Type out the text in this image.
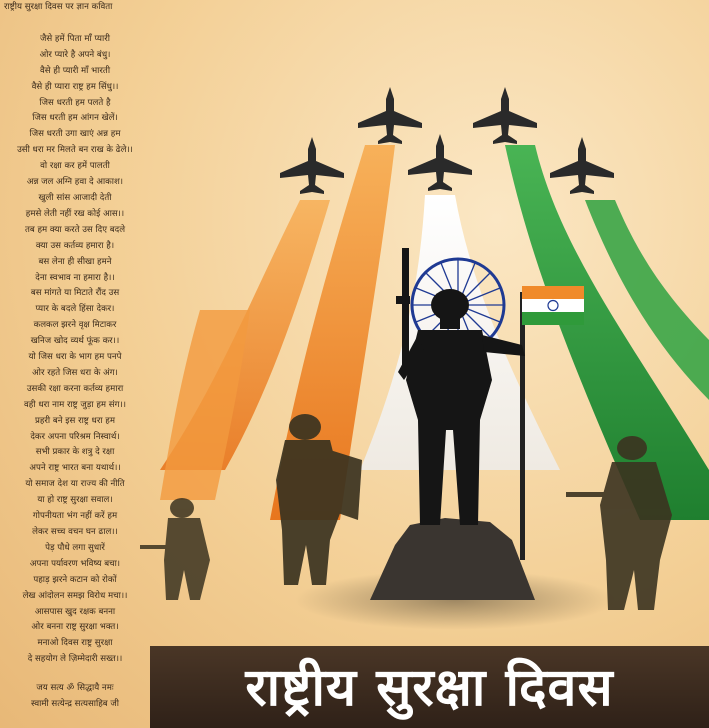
राष्ट्रीय सुरक्षा दिवस पर ज्ञान कविता
जैसे हमें पिता माँ प्यारी
ओर प्यारे है अपने बंधु।
वैसे ही प्यारी माँ भारती
वैसे ही प्यारा राष्ट्र हम सिंधु।।
जिस धरती हम पलते है
जिस धरती हम आंगन खेलें।
जिस धरती उगा खाएं अन्न हम
उसी धरा मर मिलते बन राख के ढेले।।
वो रक्षा कर हमें पालती
अन्न जल अग्नि हवा दे आकाश।
खुली सांस आजादी देती
हमसे लेती नहीं रख कोई आस।।
तब हम क्या करते उस दिए बदले
क्या उस कर्तव्य हमारा है।
बस लेना ही सीखा हमने
देना स्वभाव ना हमारा है।।
बस मांगते या मिटाते रौंद उस
प्यार के बदले हिंसा देकर।
कलकल झरने वृक्ष मिटाकर
खनिज खोद व्यर्थ फूंक कर।।
यो जिस धरा के भाग हम पनपे
ओर रहते जिस धरा के अंग।
उसकी रक्षा करना कर्तव्य हमारा
वही धरा नाम राष्ट्र जुड़ा हम संग।।
प्रहरी बने इस राष्ट्र धरा हम
देकर अपना परिश्रम निस्वार्थ।
सभी प्रकार के शत्रु दे रक्षा
अपने राष्ट्र भारत बना यथार्थ।।
यो समाज देश या राज्य की नीति
या हो राष्ट्र सुरक्षा सवाल।
गोपनीयता भंग नहीं करें हम
लेकर सच्च वचन घन ढाल।।
पेड़ पौधे लगा सुधारें
अपना पर्यावरण भविष्य बचा।
पहाड़ झरने कटान को रोकों
लेख आंदोलन समझ विरोध मचा।।
आसपास खुद रक्षक बनना
ओर बनना राष्ट्र सुरक्षा भक्त।
मनाओ दिवस राष्ट्र सुरक्षा
दे सहयोग ले ज़िम्मेदारी सख्त।।
जय सत्य ॐ सिद्धायै नमः
स्वामी सत्येन्द्र सत्यसाहिब जी	राष्ट्रीय सुरक्षा दिवस
